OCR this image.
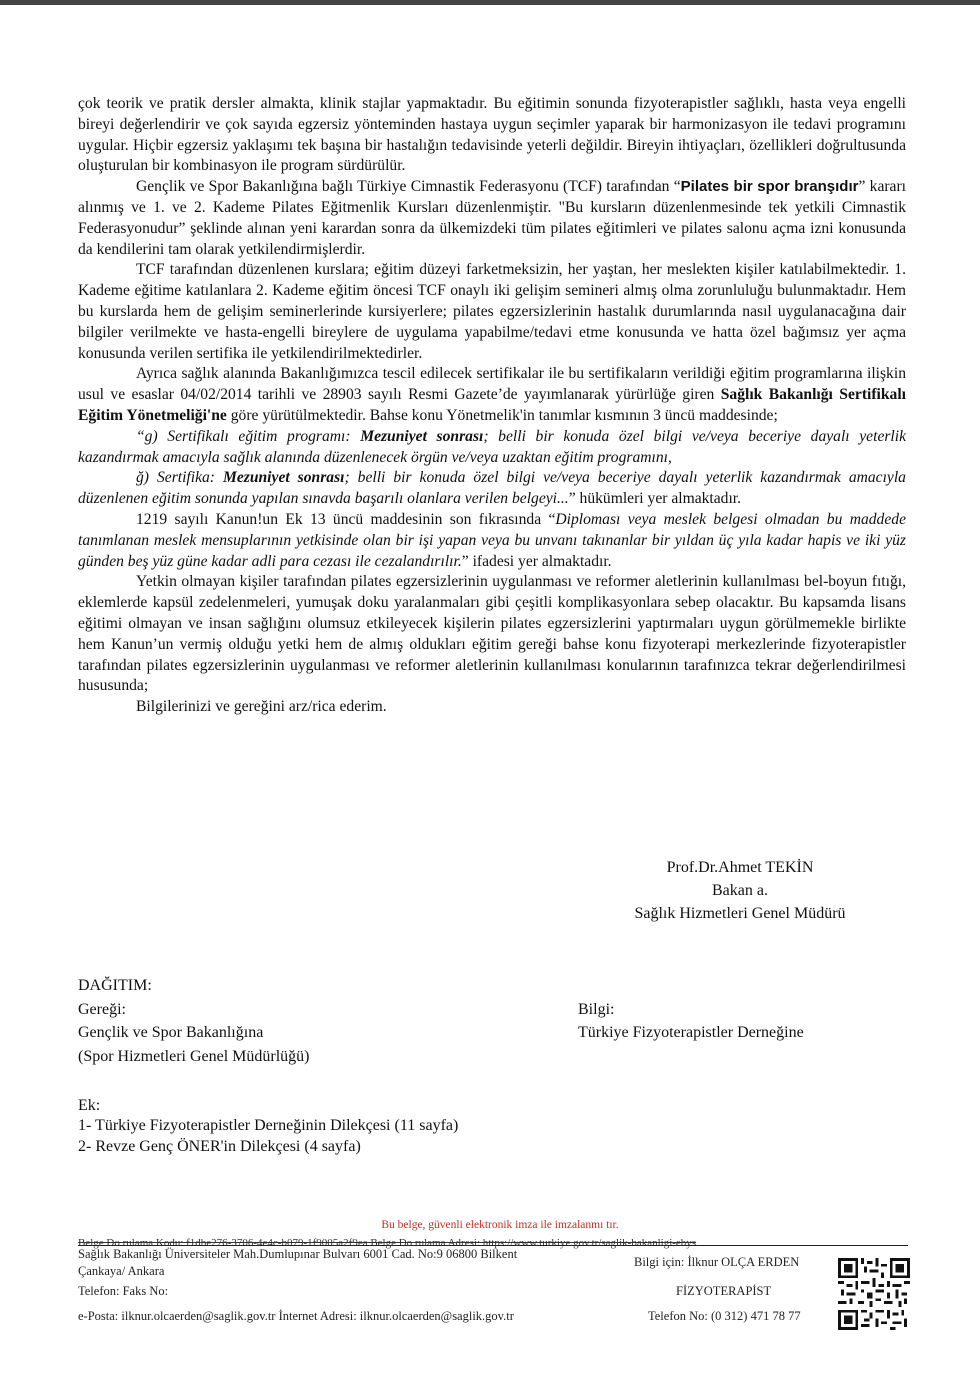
çok teorik ve pratik dersler almakta, klinik stajlar yapmaktadır. Bu eğitimin sonunda fizyoterapistler sağlıklı, hasta veya engelli bireyi değerlendirir ve çok sayıda egzersiz yönteminden hastaya uygun seçimler yaparak bir harmonizasyon ile tedavi programını uygular. Hiçbir egzersiz yaklaşımı tek başına bir hastalığın tedavisinde yeterli değildir. Bireyin ihtiyaçları, özellikleri doğrultusunda oluşturulan bir kombinasyon ile program sürdürülür.

Gençlik ve Spor Bakanlığına bağlı Türkiye Cimnastik Federasyonu (TCF) tarafından “Pilates bir spor branşıdır” kararı alınmış ve 1. ve 2. Kademe Pilates Eğitmenlik Kursları düzenlenmiştir. "Bu kursların düzenlenmesinde tek yetkili Cimnastik Federasyonudur” şeklinde alınan yeni karardan sonra da ülkemizdeki tüm pilates eğitimleri ve pilates salonu açma izni konusunda da kendilerini tam olarak yetkilendirmişlerdir.

TCF tarafından düzenlenen kurslara; eğitim düzeyi farketmeksizin, her yaştan, her meslekten kişiler katılabilmektedir. 1. Kademe eğitime katılanlara 2. Kademe eğitim öncesi TCF onaylı iki gelişim semineri almış olma zorunluluğu bulunmaktadır. Hem bu kurslarda hem de gelişim seminerlerinde kursiyerlere; pilates egzersizlerinin hastalık durumlarında nasıl uygulanacağına dair bilgiler verilmekte ve hasta-engelli bireylere de uygulama yapabilme/tedavi etme konusunda ve hatta özel bağımsız yer açma konusunda verilen sertifika ile yetkilendirilmektedirler.

Ayrıca sağlık alanında Bakanlığımızca tescil edilecek sertifikalar ile bu sertifikaların verildiği eğitim programlarına ilişkin usul ve esaslar 04/02/2014 tarihli ve 28903 sayılı Resmi Gazete’de yayımlanarak yürürlüğe giren Sağlık Bakanlığı Sertifikalı Eğitim Yönetmeliği'ne göre yürütülmektedir. Bahse konu Yönetmelik'in tanımlar kısmının 3 üncü maddesinde;

“g) Sertifikalı eğitim programı: Mezuniyet sonrası; belli bir konuda özel bilgi ve/veya beceriye dayalı yeterlik kazandırmak amacıyla sağlık alanında düzenlenecek örgün ve/veya uzaktan eğitim programını,

ğ) Sertifika: Mezuniyet sonrası; belli bir konuda özel bilgi ve/veya beceriye dayalı yeterlik kazandırmak amacıyla düzenlenen eğitim sonunda yapılan sınavda başarılı olanlara verilen belgeyi...” hükümleri yer almaktadır.

1219 sayılı Kanun!un Ek 13 üncü maddesinin son fıkrasında “Diploması veya meslek belgesi olmadan bu maddede tanımlanan meslek mensuplarının yetkisinde olan bir işi yapan veya bu unvanı takınanlar bir yıldan üç yıla kadar hapis ve iki yüz günden beş yüz güne kadar adli para cezası ile cezalandırılır.” ifadesi yer almaktadır.

Yetkin olmayan kişiler tarafından pilates egzersizlerinin uygulanması ve reformer aletlerinin kullanılması bel-boyun fıtığı, eklemlerde kapsül zedelenmeleri, yumuşak doku yaralanmaları gibi çeşitli komplikasyonlara sebep olacaktır. Bu kapsamda lisans eğitimi olmayan ve insan sağlığını olumsuz etkileyecek kişilerin pilates egzersizlerini yaptırmaları uygun görülmemekle birlikte hem Kanun’un vermiş olduğu yetki hem de almış oldukları eğitim gereği bahse konu fizyoterapi merkezlerinde fizyoterapistler tarafından pilates egzersizlerinin uygulanması ve reformer aletlerinin kullanılması konularının tarafınızca tekrar değerlendirilmesi hususunda;

Bilgilerinizi ve gereğini arz/rica ederim.

Prof.Dr.Ahmet TEKİN
Bakan a.
Sağlık Hizmetleri Genel Müdürü
DAĞITIM:
Gereği:
Gençlik ve Spor Bakanlığına
(Spor Hizmetleri Genel Müdürlüğü)
Bilgi:
Türkiye Fizyoterapistler Derneğine
Ek:
1- Türkiye Fizyoterapistler Derneğinin Dilekçesi (11 sayfa)
2- Revze Genç ÖNER'in Dilekçesi (4 sayfa)
Bu belge, güvenli elektronik imza ile imzalanmı tır.
Belge Do rulama Kodu: f1dbe276-3706-4e4c-b079-1f9005a2f9ea Belge Do rulama Adresi: https://www.turkiye.gov.tr/saglik-bakanligi-ebys
Sağlık Bakanlığı Üniversiteler Mah.Dumlupınar Bulvarı 6001 Cad. No:9 06800 Bilkent
Çankaya/ Ankara
Telefon: Faks No:
e-Posta: ilknur.olcaerden@saglik.gov.tr İnternet Adresi: ilknur.olcaerden@saglik.gov.tr
Bilgi için: İlknur OLÇA ERDEN
FİZYOTERAPİST
Telefon No: (0 312) 471 78 77
